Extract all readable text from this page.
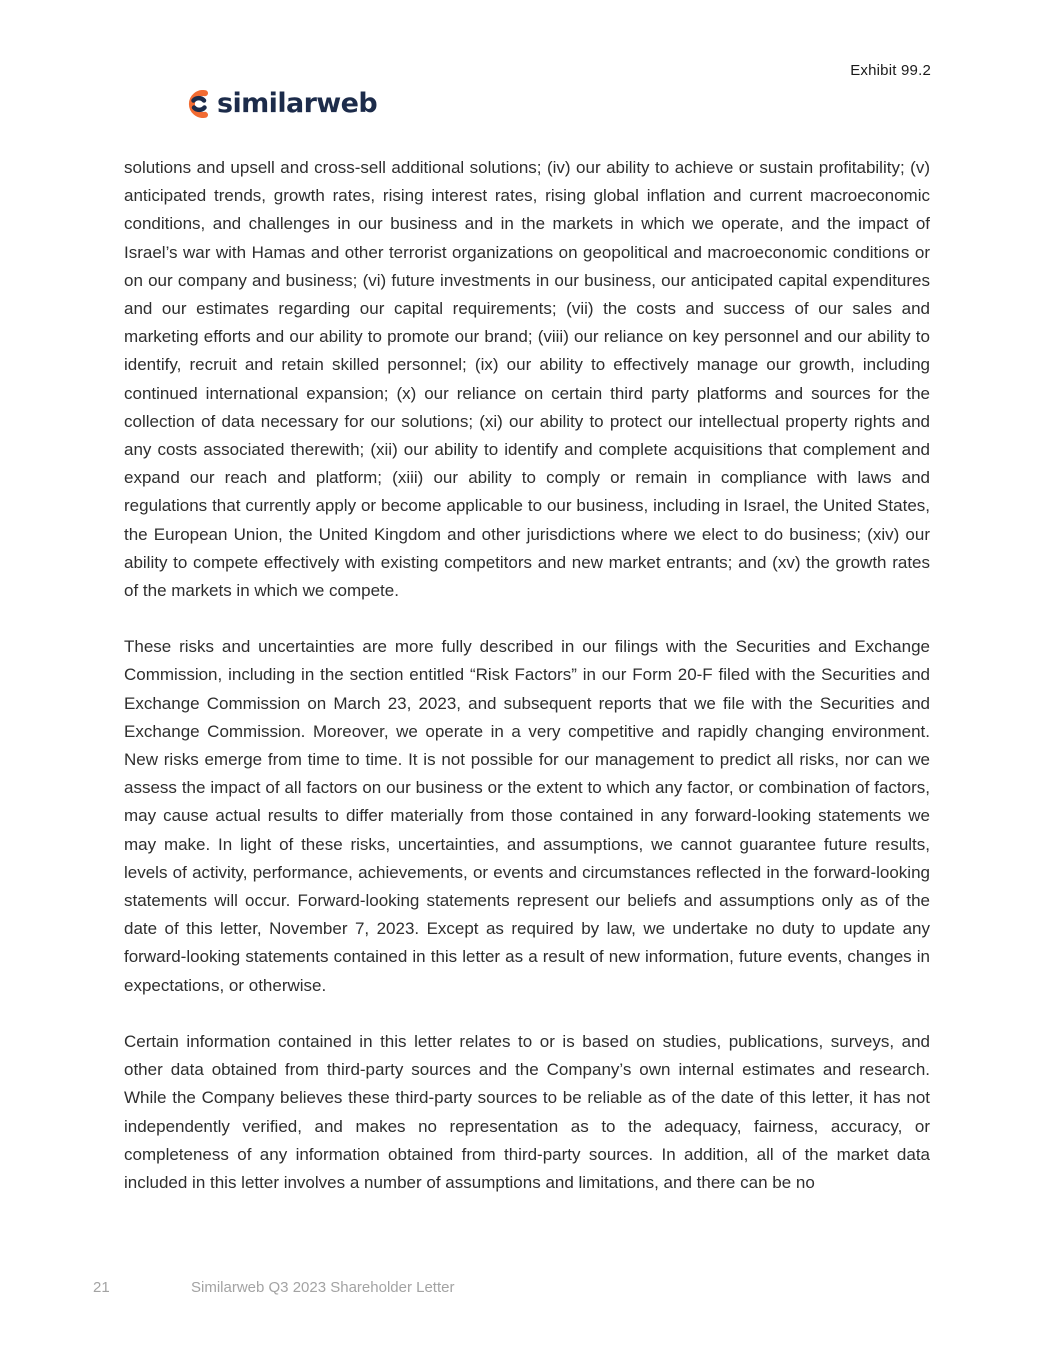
Exhibit 99.2
similarweb

solutions and upsell and cross-sell additional solutions; (iv) our ability to achieve or sustain profitability; (v) anticipated trends, growth rates, rising interest rates, rising global inflation and current macroeconomic conditions, and challenges in our business and in the markets in which we operate, and the impact of Israel’s war with Hamas and other terrorist organizations on geopolitical and macroeconomic conditions or on our company and business; (vi) future investments in our business, our anticipated capital expenditures and our estimates regarding our capital requirements; (vii) the costs and success of our sales and marketing efforts and our ability to promote our brand; (viii) our reliance on key personnel and our ability to identify, recruit and retain skilled personnel; (ix) our ability to effectively manage our growth, including continued international expansion; (x) our reliance on certain third party platforms and sources for the collection of data necessary for our solutions; (xi) our ability to protect our intellectual property rights and any costs associated therewith; (xii) our ability to identify and complete acquisitions that complement and expand our reach and platform; (xiii) our ability to comply or remain in compliance with laws and regulations that currently apply or become applicable to our business, including in Israel, the United States, the European Union, the United Kingdom and other jurisdictions where we elect to do business; (xiv) our ability to compete effectively with existing competitors and new market entrants; and (xv) the growth rates of the markets in which we compete.

These risks and uncertainties are more fully described in our filings with the Securities and Exchange Commission, including in the section entitled “Risk Factors” in our Form 20-F filed with the Securities and Exchange Commission on March 23, 2023, and subsequent reports that we file with the Securities and Exchange Commission. Moreover, we operate in a very competitive and rapidly changing environment. New risks emerge from time to time. It is not possible for our management to predict all risks, nor can we assess the impact of all factors on our business or the extent to which any factor, or combination of factors, may cause actual results to differ materially from those contained in any forward-looking statements we may make. In light of these risks, uncertainties, and assumptions, we cannot guarantee future results, levels of activity, performance, achievements, or events and circumstances reflected in the forward-looking statements will occur. Forward-looking statements represent our beliefs and assumptions only as of the date of this letter, November 7, 2023. Except as required by law, we undertake no duty to update any forward-looking statements contained in this letter as a result of new information, future events, changes in expectations, or otherwise.

Certain information contained in this letter relates to or is based on studies, publications, surveys, and other data obtained from third-party sources and the Company’s own internal estimates and research. While the Company believes these third-party sources to be reliable as of the date of this letter, it has not independently verified, and makes no representation as to the adequacy, fairness, accuracy, or completeness of any information obtained from third-party sources. In addition, all of the market data included in this letter involves a number of assumptions and limitations, and there can be no

21	Similarweb Q3 2023 Shareholder Letter
